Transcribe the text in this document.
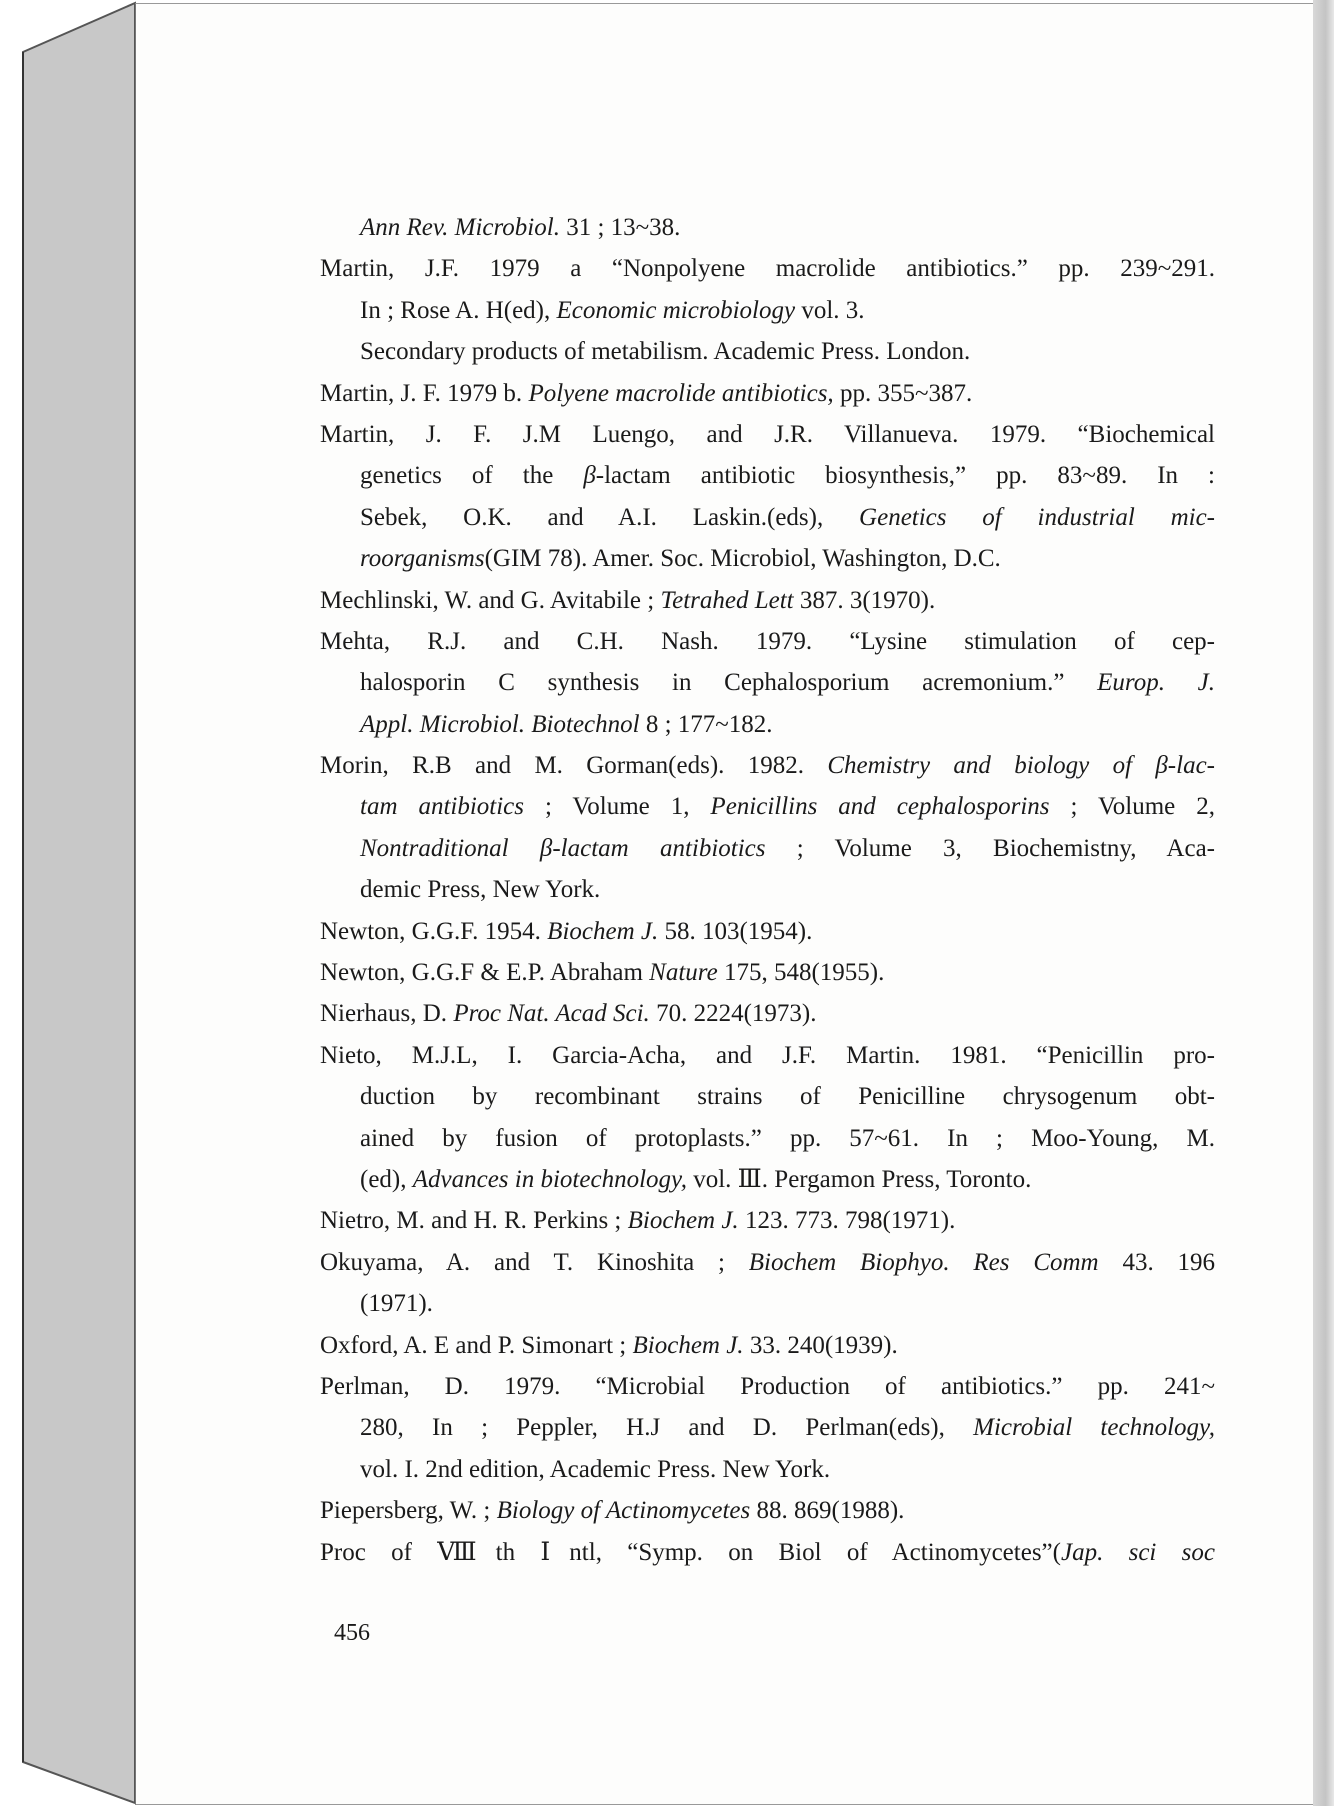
Ann Rev. Microbiol. 31 ; 13~38.
Martin, J.F. 1979 a “Nonpolyene macrolide antibiotics.” pp. 239~291.
In ; Rose A. H(ed), Economic microbiology vol. 3.
Secondary products of metabilism. Academic Press. London.
Martin, J. F. 1979 b. Polyene macrolide antibiotics, pp. 355~387.
Martin, J. F. J.M Luengo, and J.R. Villanueva. 1979. “Biochemical
genetics of the β-lactam antibiotic biosynthesis,” pp. 83~89. In :
Sebek, O.K. and A.I. Laskin.(eds), Genetics of industrial mic-
roorganisms(GIM 78). Amer. Soc. Microbiol, Washington, D.C.
Mechlinski, W. and G. Avitabile ; Tetrahed Lett 387. 3(1970).
Mehta, R.J. and C.H. Nash. 1979. “Lysine stimulation of cep-
halosporin C synthesis in Cephalosporium acremonium.” Europ. J.
Appl. Microbiol. Biotechnol 8 ; 177~182.
Morin, R.B and M. Gorman(eds). 1982. Chemistry and biology of β-lac-
tam antibiotics ; Volume 1, Penicillins and cephalosporins ; Volume 2,
Nontraditional β-lactam antibiotics ; Volume 3, Biochemistny, Aca-
demic Press, New York.
Newton, G.G.F. 1954. Biochem J. 58. 103(1954).
Newton, G.G.F & E.P. Abraham Nature 175, 548(1955).
Nierhaus, D. Proc Nat. Acad Sci. 70. 2224(1973).
Nieto, M.J.L, I. Garcia-Acha, and J.F. Martin. 1981. “Penicillin pro-
duction by recombinant strains of Penicilline chrysogenum obt-
ained by fusion of protoplasts.” pp. 57~61. In ; Moo-Young, M.
(ed), Advances in biotechnology, vol. Ⅲ. Pergamon Press, Toronto.
Nietro, M. and H. R. Perkins ; Biochem J. 123. 773. 798(1971).
Okuyama, A. and T. Kinoshita ; Biochem Biophyo. Res Comm 43. 196
(1971).
Oxford, A. E and P. Simonart ; Biochem J. 33. 240(1939).
Perlman, D. 1979. “Microbial Production of antibiotics.” pp. 241~
280, In ; Peppler, H.J and D. Perlman(eds), Microbial technology,
vol. I. 2nd edition, Academic Press. New York.
Piepersberg, W. ; Biology of Actinomycetes 88. 869(1988).
Proc of Ⅷth Ⅰntl, “Symp. on Biol of Actinomycetes”(Jap. sci soc
456
